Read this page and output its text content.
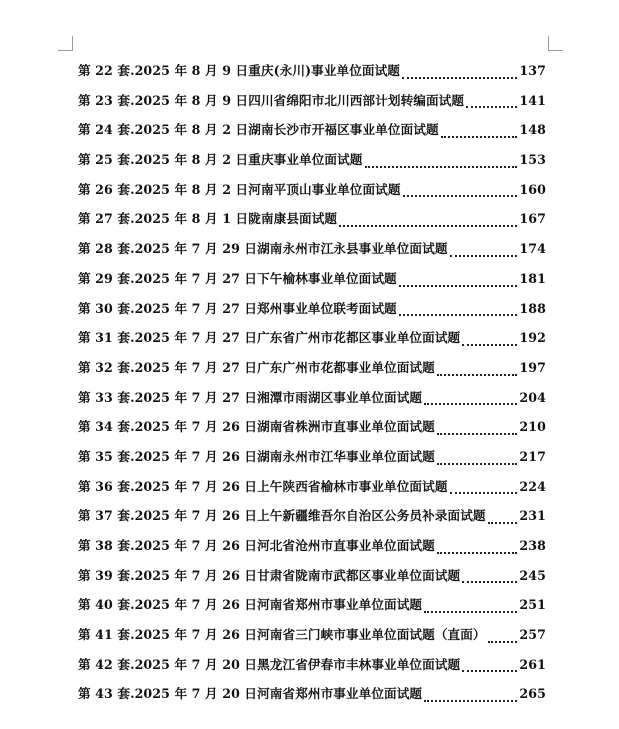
第 22 套.2025 年 8 月 9 日重庆(永川)事业单位面试题	137
第 23 套.2025 年 8 月 9 日四川省绵阳市北川西部计划转编面试题	141
第 24 套.2025 年 8 月 2 日湖南长沙市开福区事业单位面试题	148
第 25 套.2025 年 8 月 2 日重庆事业单位面试题	153
第 26 套.2025 年 8 月 2 日河南平顶山事业单位面试题	160
第 27 套.2025 年 8 月 1 日陇南康县面试题	167
第 28 套.2025 年 7 月 29 日湖南永州市江永县事业单位面试题	174
第 29 套.2025 年 7 月 27 日下午榆林事业单位面试题	181
第 30 套.2025 年 7 月 27 日郑州事业单位联考面试题	188
第 31 套.2025 年 7 月 27 日广东省广州市花都区事业单位面试题	192
第 32 套.2025 年 7 月 27 日广东广州市花都事业单位面试题	197
第 33 套.2025 年 7 月 27 日湘潭市雨湖区事业单位面试题	204
第 34 套.2025 年 7 月 26 日湖南省株洲市直事业单位面试题	210
第 35 套.2025 年 7 月 26 日湖南永州市江华事业单位面试题	217
第 36 套.2025 年 7 月 26 日上午陕西省榆林市事业单位面试题	224
第 37 套.2025 年 7 月 26 日上午新疆维吾尔自治区公务员补录面试题	231
第 38 套.2025 年 7 月 26 日河北省沧州市直事业单位面试题	238
第 39 套.2025 年 7 月 26 日甘肃省陇南市武都区事业单位面试题	245
第 40 套.2025 年 7 月 26 日河南省郑州市事业单位面试题	251
第 41 套.2025 年 7 月 26 日河南省三门峡市事业单位面试题（直面）	257
第 42 套.2025 年 7 月 20 日黑龙江省伊春市丰林事业单位面试题	261
第 43 套.2025 年 7 月 20 日河南省郑州市事业单位面试题	265
